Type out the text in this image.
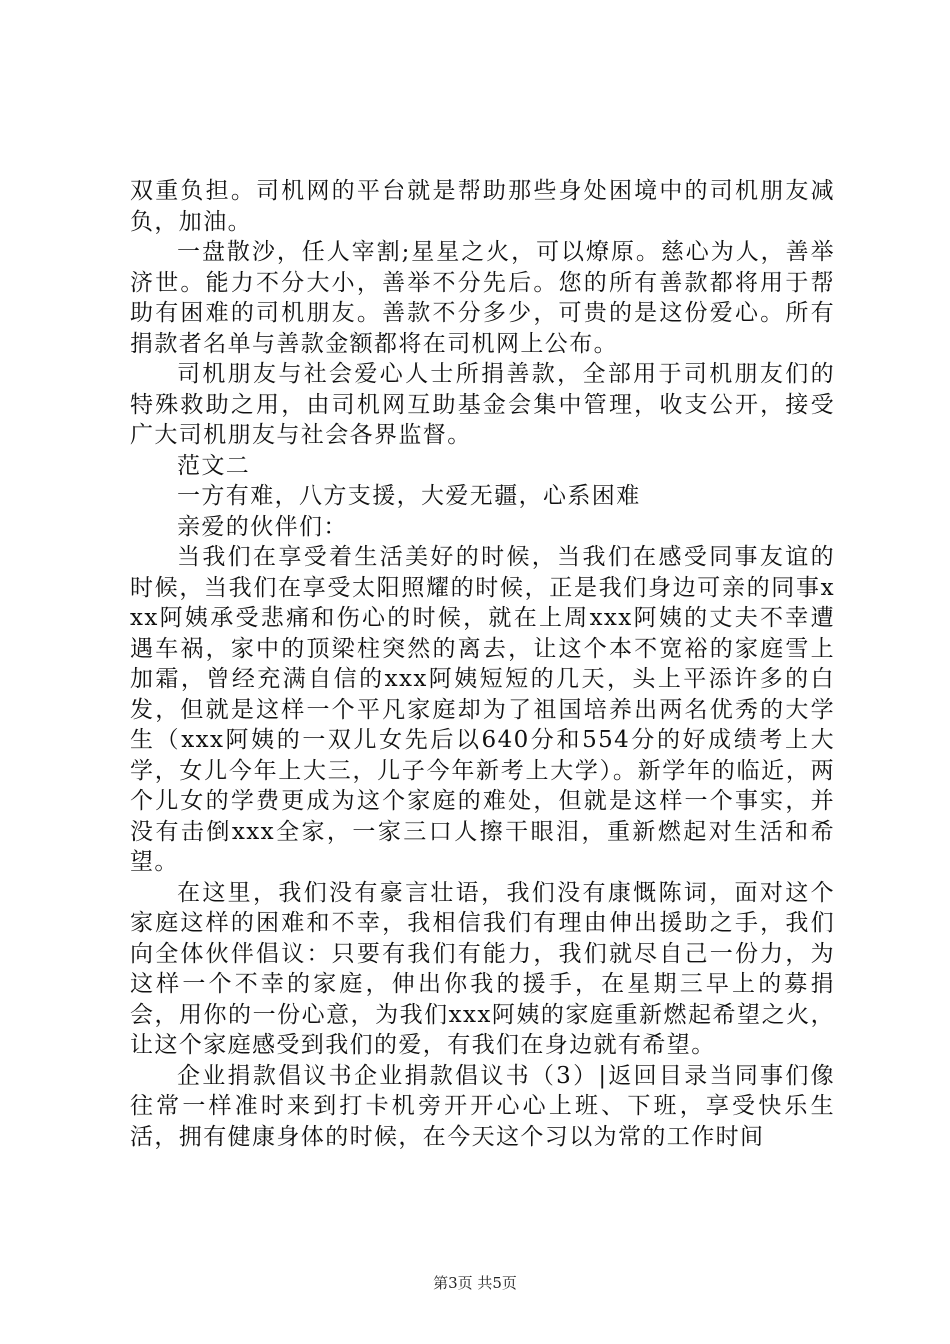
双重负担。司机网的平台就是帮助那些身处困境中的司机朋友减负，加油。

一盘散沙，任人宰割;星星之火，可以燎原。慈心为人，善举济世。能力不分大小，善举不分先后。您的所有善款都将用于帮助有困难的司机朋友。善款不分多少，可贵的是这份爱心。所有捐款者名单与善款金额都将在司机网上公布。

司机朋友与社会爱心人士所捐善款，全部用于司机朋友们的特殊救助之用，由司机网互助基金会集中管理，收支公开，接受广大司机朋友与社会各界监督。

范文二

一方有难，八方支援，大爱无疆，心系困难

亲爱的伙伴们：

当我们在享受着生活美好的时候，当我们在感受同事友谊的时候，当我们在享受太阳照耀的时候，正是我们身边可亲的同事xxx阿姨承受悲痛和伤心的时候，就在上周xxx阿姨的丈夫不幸遭遇车祸，家中的顶梁柱突然的离去，让这个本不宽裕的家庭雪上加霜，曾经充满自信的xxx阿姨短短的几天，头上平添许多的白发，但就是这样一个平凡家庭却为了祖国培养出两名优秀的大学生（xxx阿姨的一双儿女先后以640分和554分的好成绩考上大学，女儿今年上大三，儿子今年新考上大学）。新学年的临近，两个儿女的学费更成为这个家庭的难处，但就是这样一个事实，并没有击倒xxx全家，一家三口人擦干眼泪，重新燃起对生活和希望。

在这里，我们没有豪言壮语，我们没有康慨陈词，面对这个家庭这样的困难和不幸，我相信我们有理由伸出援助之手，我们向全体伙伴倡议：只要有我们有能力，我们就尽自己一份力，为这样一个不幸的家庭，伸出你我的援手，在星期三早上的募捐会，用你的一份心意，为我们xxx阿姨的家庭重新燃起希望之火，让这个家庭感受到我们的爱，有我们在身边就有希望。

企业捐款倡议书企业捐款倡议书（3）|返回目录当同事们像往常一样准时来到打卡机旁开开心心上班、下班，享受快乐生活，拥有健康身体的时候，在今天这个习以为常的工作时间

第3页 共5页
